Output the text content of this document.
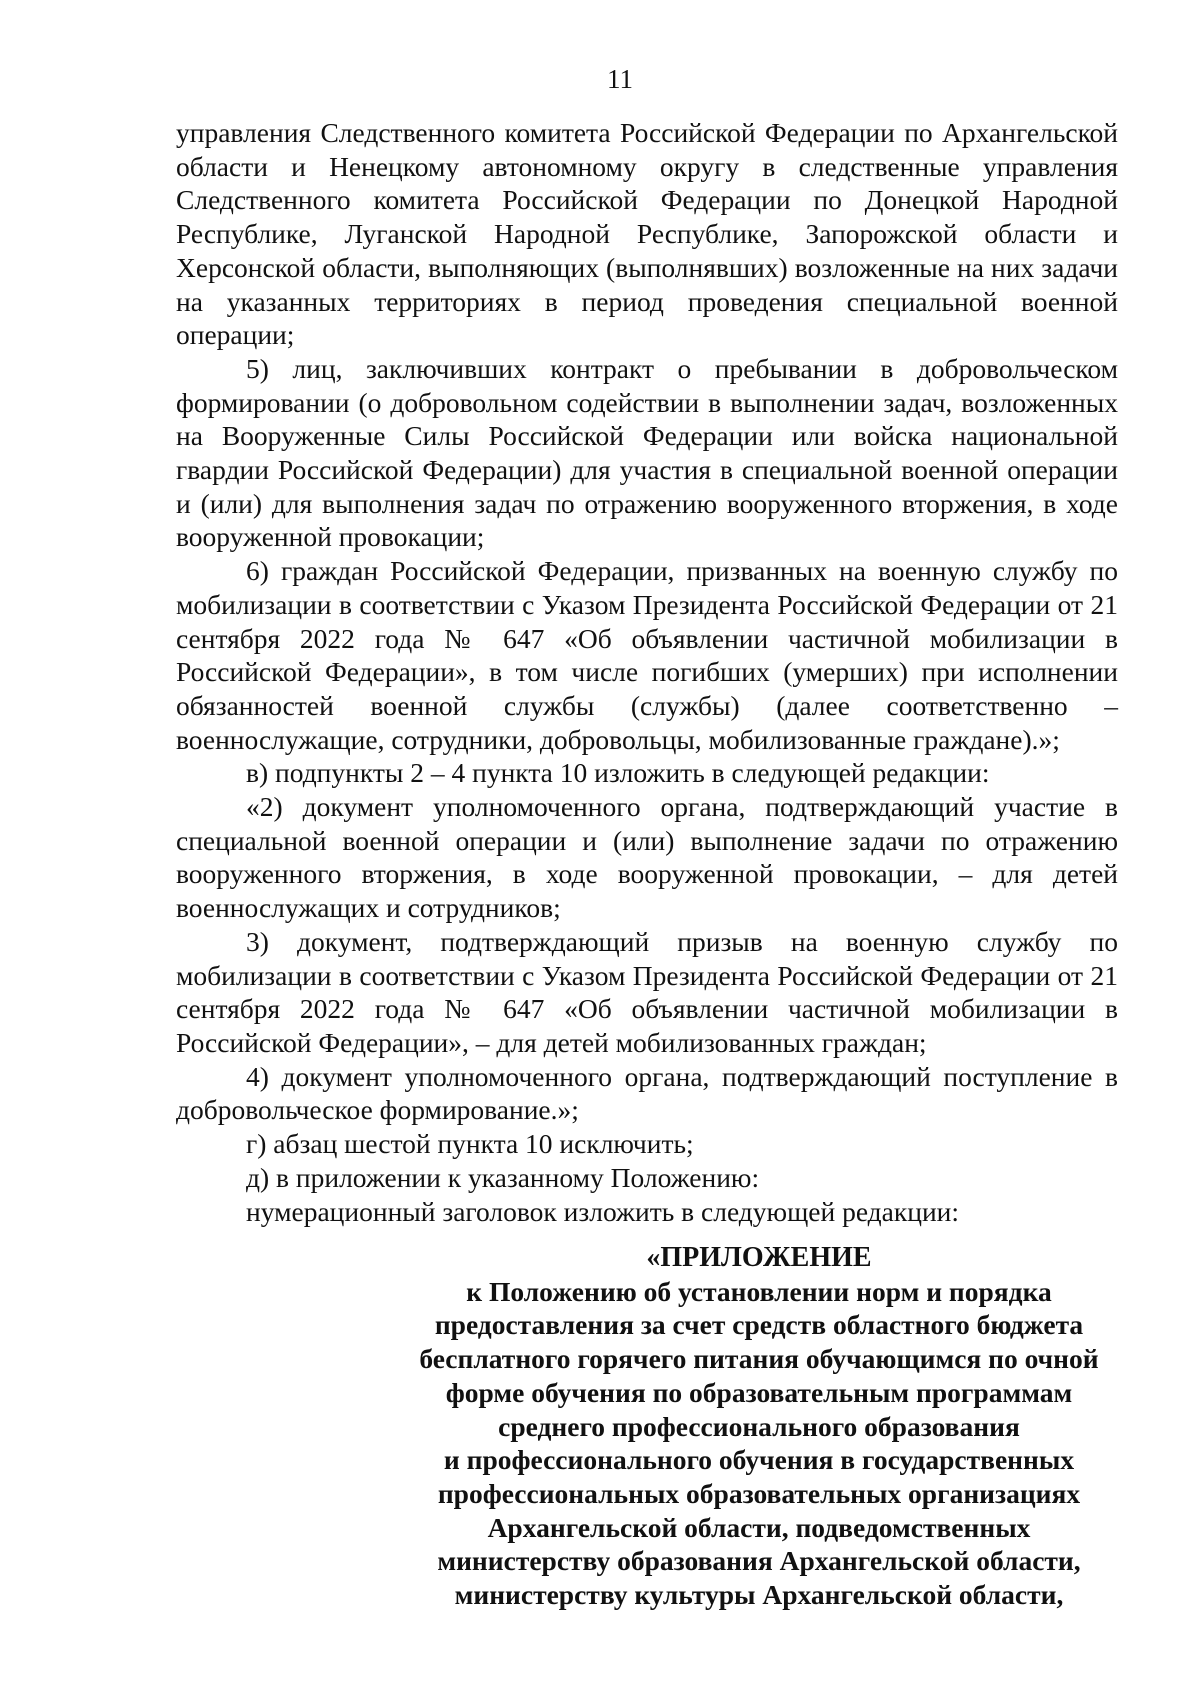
11

управления Следственного комитета Российской Федерации по Архангельской области и Ненецкому автономному округу в следственные управления Следственного комитета Российской Федерации по Донецкой Народной Республике, Луганской Народной Республике, Запорожской области и Херсонской области, выполняющих (выполнявших) возложенные на них задачи на указанных территориях в период проведения специальной военной операции;

5) лиц, заключивших контракт о пребывании в добровольческом формировании (о добровольном содействии в выполнении задач, возложенных на Вооруженные Силы Российской Федерации или войска национальной гвардии Российской Федерации) для участия в специальной военной операции и (или) для выполнения задач по отражению вооруженного вторжения, в ходе вооруженной провокации;

6) граждан Российской Федерации, призванных на военную службу по мобилизации в соответствии с Указом Президента Российской Федерации от 21 сентября 2022 года № 647 «Об объявлении частичной мобилизации в Российской Федерации», в том числе погибших (умерших) при исполнении обязанностей военной службы (службы) (далее соответственно – военнослужащие, сотрудники, добровольцы, мобилизованные граждане).»;

в) подпункты 2 – 4 пункта 10 изложить в следующей редакции:

«2) документ уполномоченного органа, подтверждающий участие в специальной военной операции и (или) выполнение задачи по отражению вооруженного вторжения, в ходе вооруженной провокации, – для детей военнослужащих и сотрудников;

3) документ, подтверждающий призыв на военную службу по мобилизации в соответствии с Указом Президента Российской Федерации от 21 сентября 2022 года № 647 «Об объявлении частичной мобилизации в Российской Федерации», – для детей мобилизованных граждан;

4) документ уполномоченного органа, подтверждающий поступление в добровольческое формирование.»;

г) абзац шестой пункта 10 исключить;

д) в приложении к указанному Положению:

нумерационный заголовок изложить в следующей редакции:

«ПРИЛОЖЕНИЕ
к Положению об установлении норм и порядка
предоставления за счет средств областного бюджета
бесплатного горячего питания обучающимся по очной
форме обучения по образовательным программам
среднего профессионального образования
и профессионального обучения в государственных
профессиональных образовательных организациях
Архангельской области, подведомственных
министерству образования Архангельской области,
министерству культуры Архангельской области,
